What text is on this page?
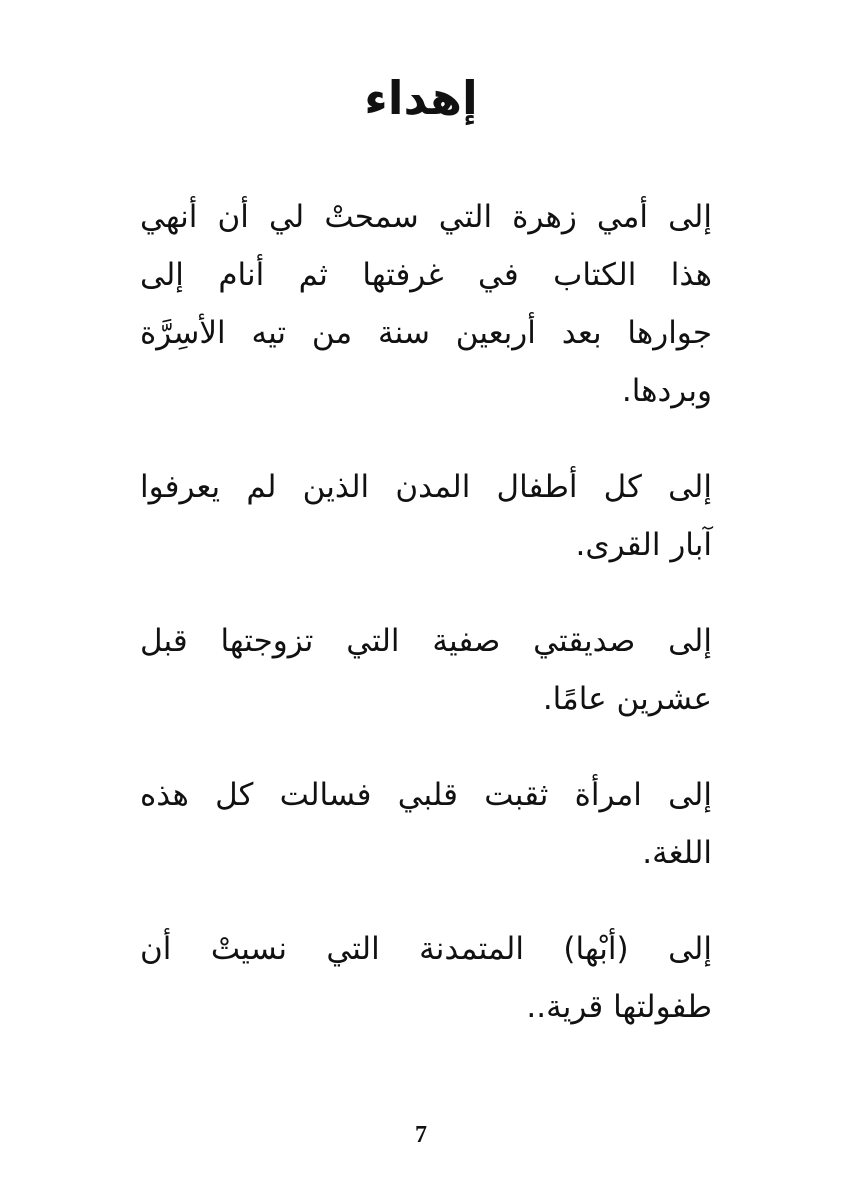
إهداء

إلى أمي زهرة التي سمحتْ لي أن أنهي
هذا الكتاب في غرفتها ثم أنام إلى
جوارها بعد أربعين سنة من تيه الأسِرَّة
وبردها.

إلى كل أطفال المدن الذين لم يعرفوا
آبار القرى.

إلى صديقتي صفية التي تزوجتها قبل
عشرين عامًا.

إلى امرأة ثقبت قلبي فسالت كل هذه
اللغة.

إلى (أبْها) المتمدنة التي نسيتْ أن
طفولتها قرية..

7
